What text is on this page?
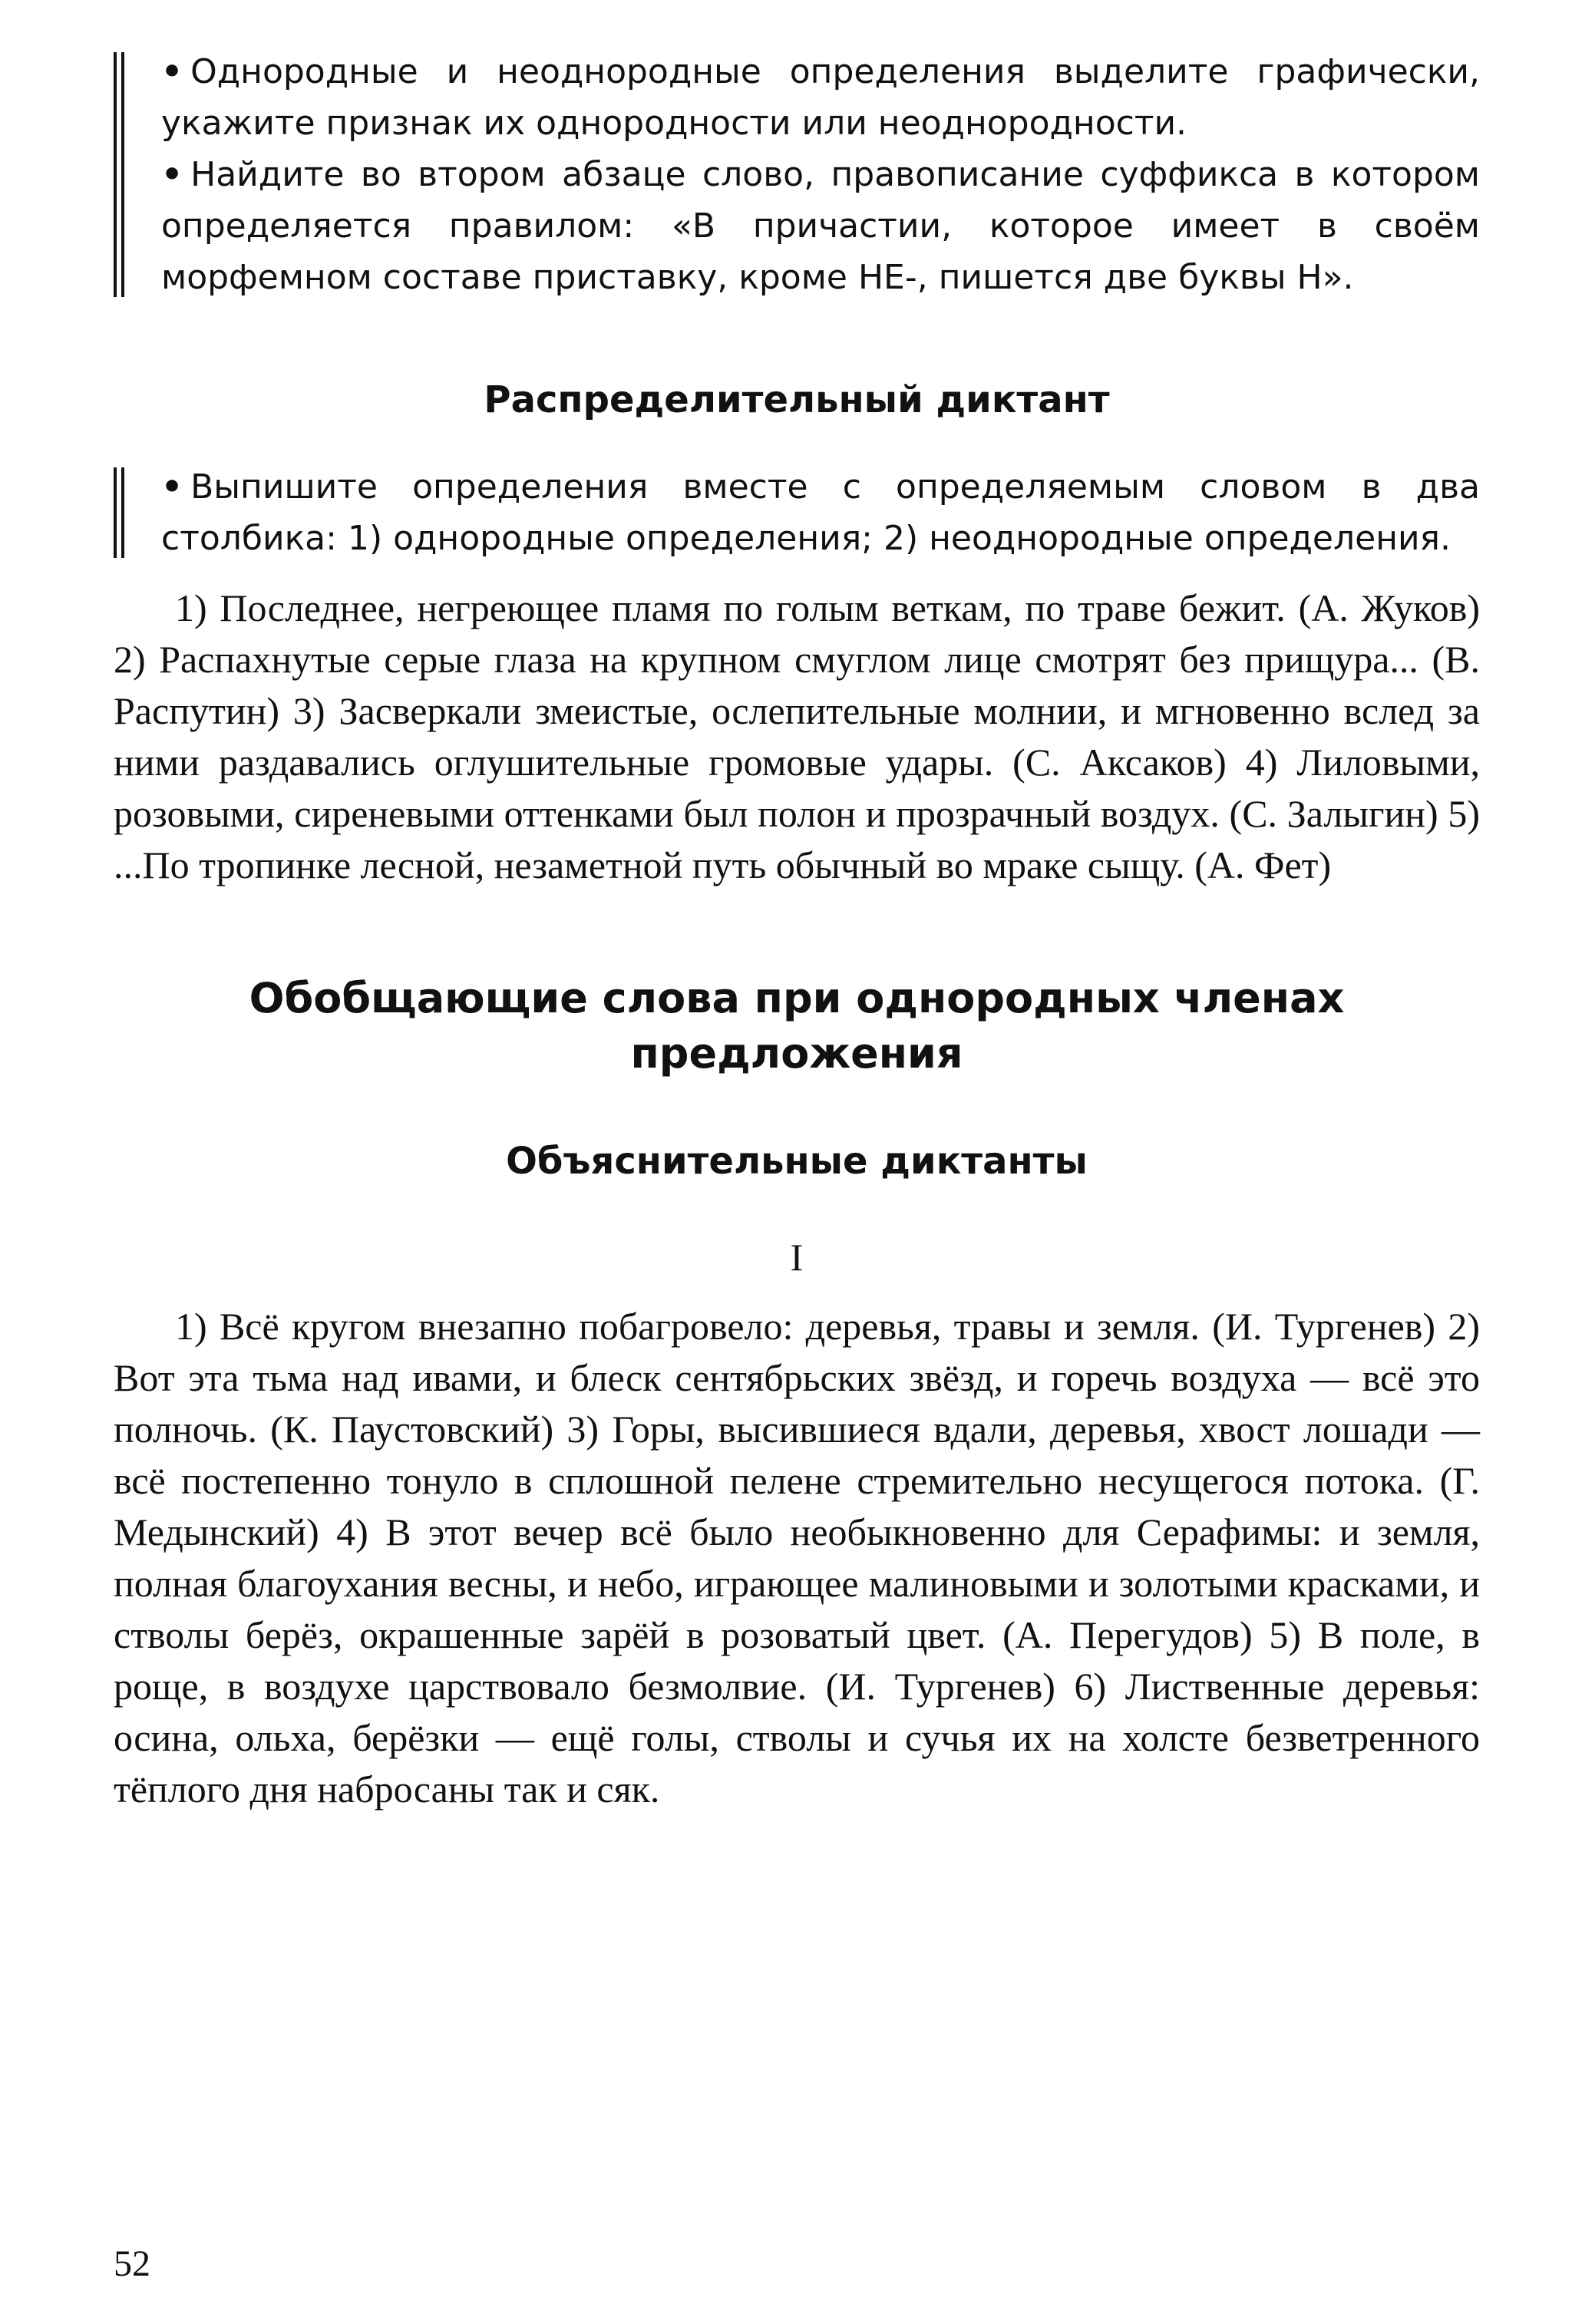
• Однородные и неоднородные определения выделите графически, укажите признак их однородности или неоднородности.

• Найдите во втором абзаце слово, правописание суффикса в котором определяется правилом: «В причастии, которое имеет в своём морфемном составе приставку, кроме НЕ-, пишется две буквы Н».

Распределительный диктант

• Выпишите определения вместе с определяемым словом в два столбика: 1) однородные определения; 2) неоднородные определения.

1) Последнее, негреющее пламя по голым веткам, по траве бежит. (А. Жуков) 2) Распахнутые серые глаза на крупном смуглом лице смотрят без прищура... (В. Распутин) 3) Засверкали змеистые, ослепительные молнии, и мгновенно вслед за ними раздавались оглушительные громовые удары. (С. Аксаков) 4) Лиловыми, розовыми, сиреневыми оттенками был полон и прозрачный воздух. (С. Залыгин) 5) ...По тропинке лесной, незаметной путь обычный во мраке сыщу. (А. Фет)

Обобщающие слова при однородных членах
предложения
Объяснительные диктанты

I

1) Всё кругом внезапно побагровело: деревья, травы и земля. (И. Тургенев) 2) Вот эта тьма над ивами, и блеск сентябрьских звёзд, и горечь воздуха — всё это полночь. (К. Паустовский) 3) Горы, высившиеся вдали, деревья, хвост лошади — всё постепенно тонуло в сплошной пелене стремительно несущегося потока. (Г. Медынский) 4) В этот вечер всё было необыкновенно для Серафимы: и земля, полная благоухания весны, и небо, играющее малиновыми и золотыми красками, и стволы берёз, окрашенные зарёй в розоватый цвет. (А. Перегудов) 5) В поле, в роще, в воздухе царствовало безмолвие. (И. Тургенев) 6) Лиственные деревья: осина, ольха, берёзки — ещё голы, стволы и сучья их на холсте безветренного тёплого дня набросаны так и сяк.

52
